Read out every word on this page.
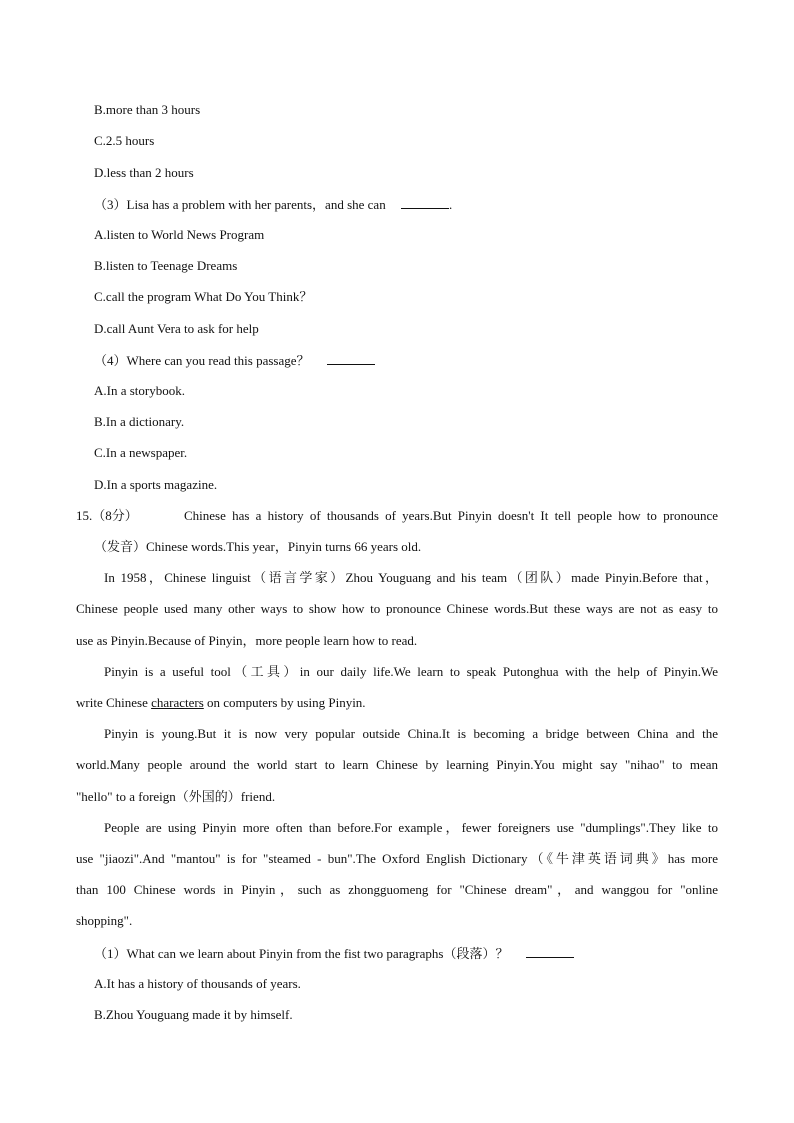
B.more than 3 hours
C.2.5 hours
D.less than 2 hours
（3）Lisa has a problem with her parents，and she can	.
A.listen to World News Program
B.listen to Teenage Dreams
C.call the program What Do You Think？
D.call Aunt Vera to ask for help
（4）Where can you read this passage？
A.In a storybook.
B.In a dictionary.
C.In a newspaper.
D.In a sports magazine.
15.（8分）	Chinese has a history of thousands of years.But Pinyin doesn't It tell people how to pronounce
（发音）Chinese words.This year，Pinyin turns 66 years old.
In 1958，Chinese linguist（语言学家）Zhou Youguang and his team（团队）made Pinyin.Before that，
Chinese people used many other ways to show how to pronounce Chinese words.But these ways are not as easy to
use as Pinyin.Because of Pinyin，more people learn how to read.
Pinyin is a useful tool（工具）in our daily life.We learn to speak Putonghua with the help of Pinyin.We
write Chinese characters on computers by using Pinyin.
Pinyin is young.But it is now very popular outside China.It is becoming a bridge between China and the
world.Many people around the world start to learn Chinese by learning Pinyin.You might say "nihao" to mean
"hello" to a foreign（外国的）friend.
People are using Pinyin more often than before.For example，fewer foreigners use "dumplings".They like to
use "jiaozi".And "mantou" is for "steamed - bun".The Oxford English Dictionary（《牛津英语词典》has more
than 100 Chinese words in Pinyin，such as zhongguomeng for "Chinese dream"，and wanggou for "online
shopping".
（1）What can we learn about Pinyin from the fist two paragraphs（段落）？
A.It has a history of thousands of years.
B.Zhou Youguang made it by himself.
